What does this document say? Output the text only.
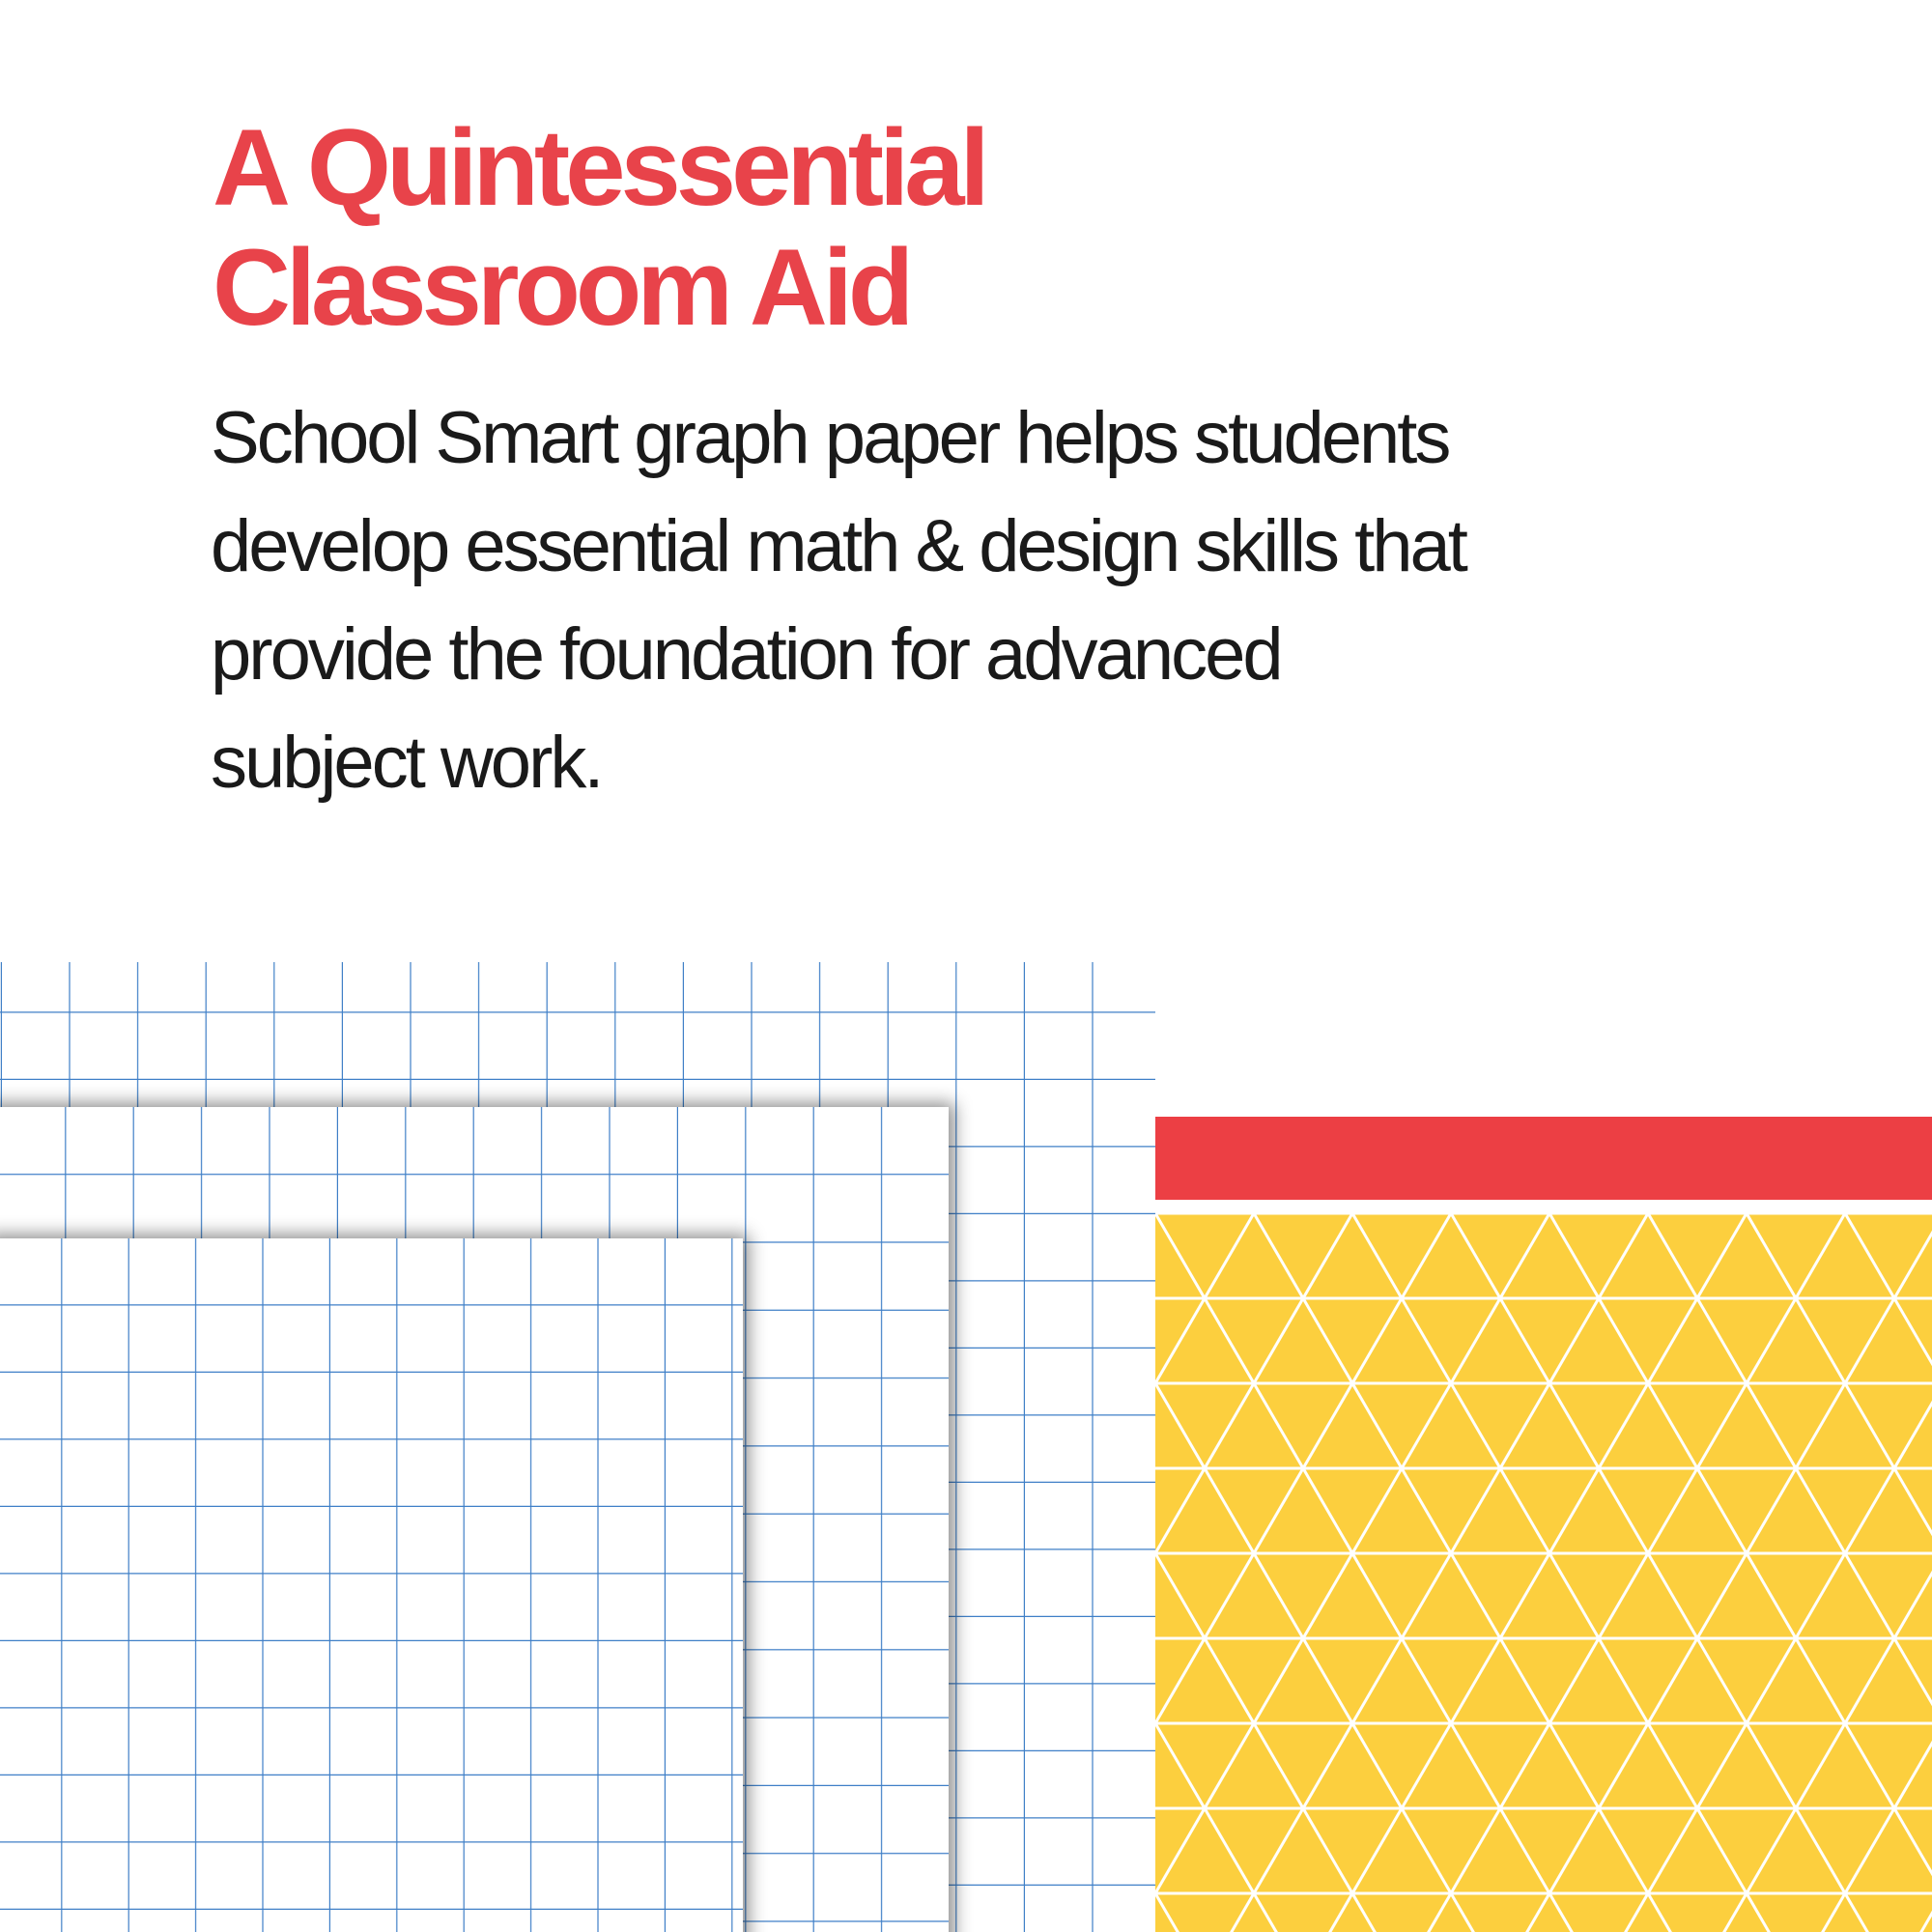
A Quintessential
Classroom Aid

School Smart graph paper helps students
develop essential math & design skills that
provide the foundation for advanced
subject work.
